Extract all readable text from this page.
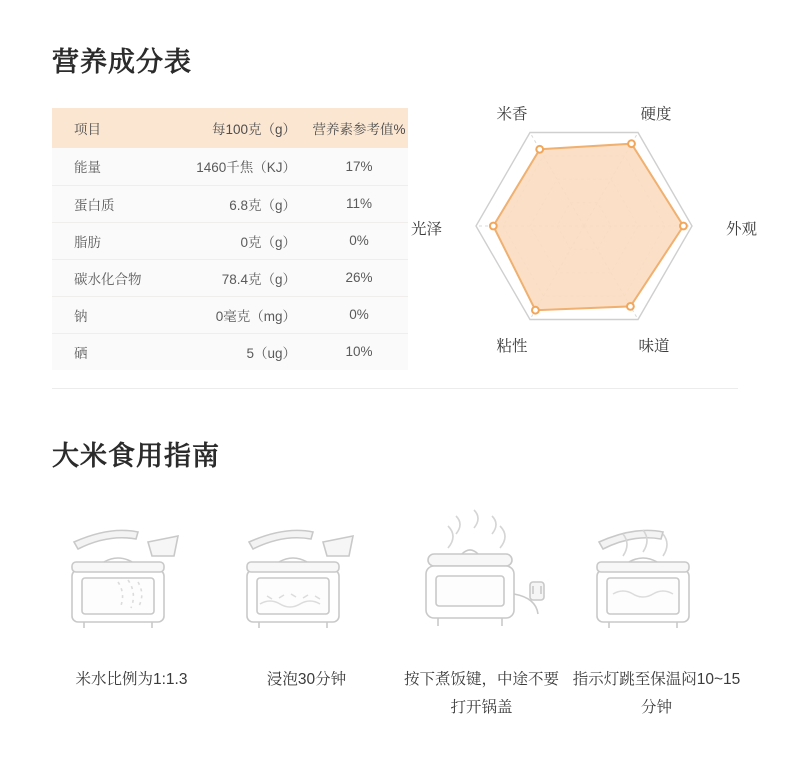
营养成分表
项目	每100克（g）	营养素参考值%
能量	1460千焦（KJ）	17%
蛋白质	6.8克（g）	11%
脂肪	0克（g）	0%
碳水化合物	78.4克（g）	26%
钠	0毫克（mg）	0%
硒	5（ug）	10%
米香	硬度
外观
味道
粘性
光泽
大米食用指南
米水比例为1:1.3	浸泡30分钟	按下煮饭键，中途不要打开锅盖
指示灯跳至保温闷10~15分钟
